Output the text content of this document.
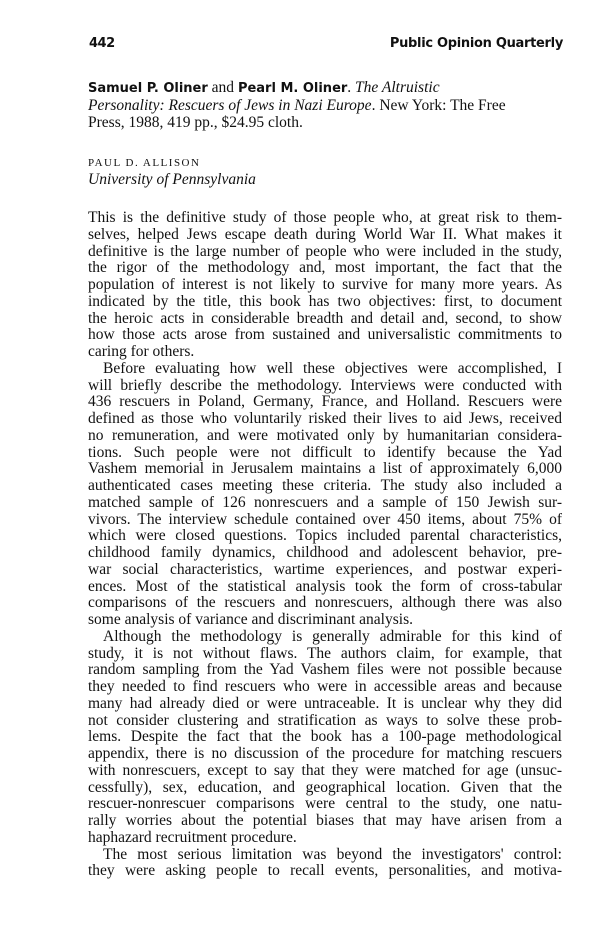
442	Public Opinion Quarterly
Samuel P. Oliner and Pearl M. Oliner. The Altruistic
Personality: Rescuers of Jews in Nazi Europe. New York: The Free
Press, 1988, 419 pp., $24.95 cloth.
PAUL D. ALLISON
University of Pennsylvania
This is the definitive study of those people who, at great risk to them-
selves, helped Jews escape death during World War II. What makes it
definitive is the large number of people who were included in the study,
the rigor of the methodology and, most important, the fact that the
population of interest is not likely to survive for many more years. As
indicated by the title, this book has two objectives: first, to document
the heroic acts in considerable breadth and detail and, second, to show
how those acts arose from sustained and universalistic commitments to
caring for others.
Before evaluating how well these objectives were accomplished, I
will briefly describe the methodology. Interviews were conducted with
436 rescuers in Poland, Germany, France, and Holland. Rescuers were
defined as those who voluntarily risked their lives to aid Jews, received
no remuneration, and were motivated only by humanitarian considera-
tions. Such people were not difficult to identify because the Yad
Vashem memorial in Jerusalem maintains a list of approximately 6,000
authenticated cases meeting these criteria. The study also included a
matched sample of 126 nonrescuers and a sample of 150 Jewish sur-
vivors. The interview schedule contained over 450 items, about 75% of
which were closed questions. Topics included parental characteristics,
childhood family dynamics, childhood and adolescent behavior, pre-
war social characteristics, wartime experiences, and postwar experi-
ences. Most of the statistical analysis took the form of cross-tabular
comparisons of the rescuers and nonrescuers, although there was also
some analysis of variance and discriminant analysis.
Although the methodology is generally admirable for this kind of
study, it is not without flaws. The authors claim, for example, that
random sampling from the Yad Vashem files were not possible because
they needed to find rescuers who were in accessible areas and because
many had already died or were untraceable. It is unclear why they did
not consider clustering and stratification as ways to solve these prob-
lems. Despite the fact that the book has a 100-page methodological
appendix, there is no discussion of the procedure for matching rescuers
with nonrescuers, except to say that they were matched for age (unsuc-
cessfully), sex, education, and geographical location. Given that the
rescuer-nonrescuer comparisons were central to the study, one natu-
rally worries about the potential biases that may have arisen from a
haphazard recruitment procedure.
The most serious limitation was beyond the investigators' control:
they were asking people to recall events, personalities, and motiva-
